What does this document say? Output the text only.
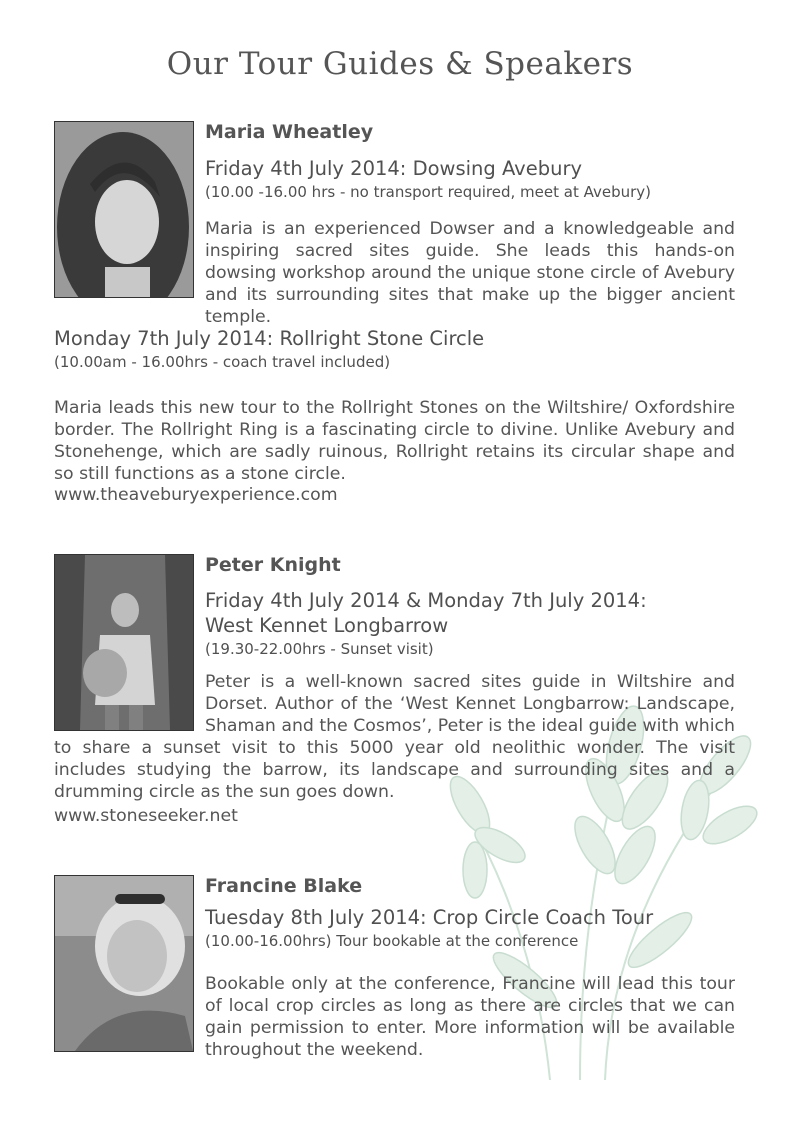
Our Tour Guides & Speakers

Maria Wheatley

Friday 4th July 2014: Dowsing Avebury

(10.00 -16.00 hrs - no transport required, meet at Avebury)

Maria is an experienced Dowser and a knowledgeable and inspiring sacred sites guide. She leads this hands-on dowsing workshop around the unique stone circle of Avebury and its surrounding sites that make up the bigger ancient temple.

Monday 7th July 2014: Rollright Stone Circle

(10.00am - 16.00hrs - coach travel included)

Maria leads this new tour to the Rollright Stones on the Wiltshire/ Oxfordshire border. The Rollright Ring is a fascinating circle to divine. Unlike Avebury and Stonehenge, which are sadly ruinous, Rollright retains its circular shape and so still functions as a stone circle.

www.theaveburyexperience.com

Peter Knight

Friday 4th July 2014 & Monday 7th July 2014:

West Kennet Longbarrow

(19.30-22.00hrs - Sunset visit)

Peter is a well-known sacred sites guide in Wiltshire and Dorset. Author of the ‘West Kennet Longbarrow: Landscape, Shaman and the Cosmos’, Peter is the ideal guide with which to share a sunset visit to this 5000 year old neolithic wonder. The visit includes studying the barrow, its landscape and surrounding sites and a drumming circle as the sun goes down.

www.stoneseeker.net

Francine Blake

Tuesday 8th July 2014: Crop Circle Coach Tour

(10.00-16.00hrs) Tour bookable at the conference

Bookable only at the conference, Francine will lead this tour of local crop circles as long as there are circles that we can gain permission to enter. More information will be available throughout the weekend.
